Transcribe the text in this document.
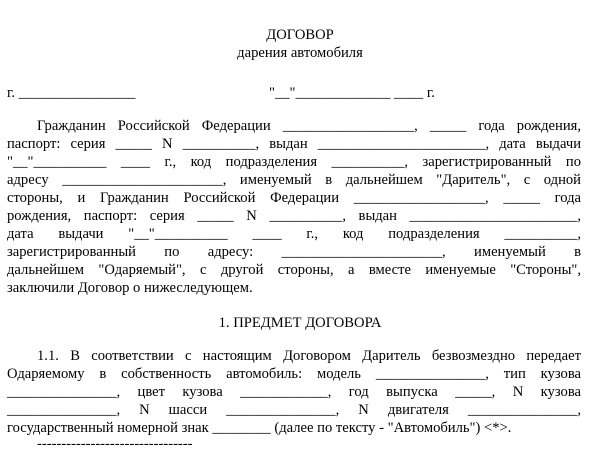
ДОГОВОР
дарения автомобиля
г. ________________	"__"_____________ ____ г.
Гражданин Российской Федерации __________________, _____ года рождения,
паспорт: серия _____ N __________, выдан _______________________, дата выдачи
"__"__________ ____ г., код подразделения __________, зарегистрированный по
адресу ______________________, именуемый в дальнейшем "Даритель", с одной
стороны, и Гражданин Российской Федерации __________________, _____ года
рождения, паспорт: серия _____ N __________, выдан _______________________,
дата выдачи "__"__________ ____ г., код подразделения __________,
зарегистрированный по адресу: ______________________, именуемый в
дальнейшем "Одаряемый", с другой стороны, а вместе именуемые "Стороны",
заключили Договор о нижеследующем.
1. ПРЕДМЕТ ДОГОВОРА
1.1. В соответствии с настоящим Договором Даритель безвозмездно передает
Одаряемому в собственность автомобиль: модель _______________, тип кузова
_______________, цвет кузова ____________, год выпуска _____, N кузова
_______________, N шасси _______________, N двигателя _______________,
государственный номерной знак ________ (далее по тексту - "Автомобиль") <*>.
--------------------------------
